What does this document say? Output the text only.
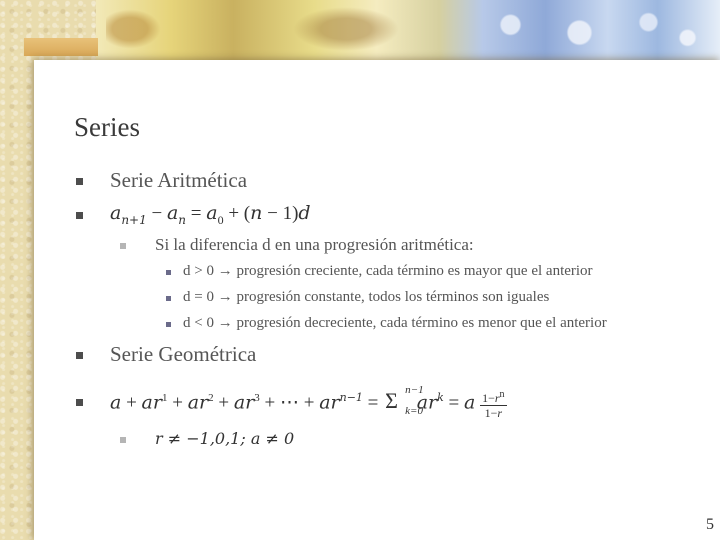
Series
Serie Aritmética
$a_{n+1} - a_n = a_0 + (n - 1)d$
Si la diferencia d en una progresión aritmética:
d > 0 → progresión creciente, cada término es mayor que el anterior
d = 0 → progresión constante, todos los términos son iguales
d < 0 → progresión decreciente, cada término es menor que el anterior
Serie Geométrica
$a + ar^1 + ar^2 + ar^3$ + ⋯ + $ar^{n-1} = \Sigma$ n−1
k=0
$ar^k = a \frac{1-r^n}{1-r}$
r ≠ −1,0,1; a ≠ 0
5
